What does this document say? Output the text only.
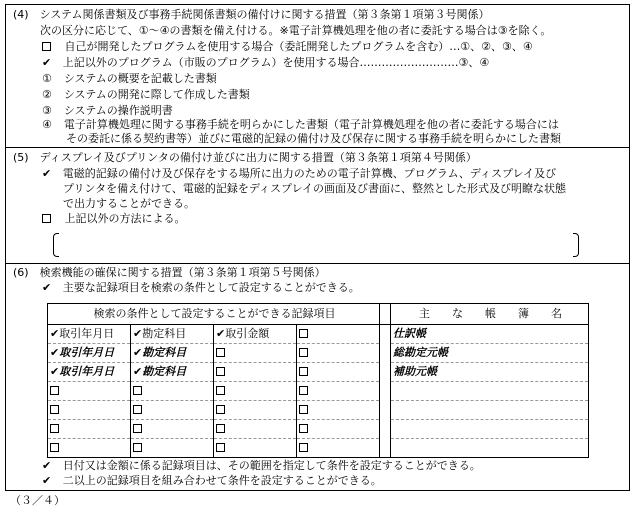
(4)　システム関係書類及び事務手続関係書類の備付けに関する措置（第３条第１項第３号関係）
次の区分に応じて、①～④の書類を備え付ける。※電子計算機処理を他の者に委託する場合は③を除く。
自己が開発したプログラムを使用する場合（委託開発したプログラムを含む）…①、②、③、④
✔ 上記以外のプログラム（市販のプログラム）を使用する場合………………………③、④
① システムの概要を記載した書類
② システムの開発に際して作成した書類
③ システムの操作説明書
④ 電子計算機処理に関する事務手続を明らかにした書類（電子計算機処理を他の者に委託する場合には
その委託に係る契約書等）並びに電磁的記録の備付け及び保存に関する事務手続を明らかにした書類
(5)　ディスプレイ及びプリンタの備付け並びに出力に関する措置（第３条第１項第４号関係）
✔ 電磁的記録の備付け及び保存をする場所に出力のための電子計算機、プログラム、ディスプレイ及び
プリンタを備え付けて、電磁的記録をディスプレイの画面及び書面に、整然とした形式及び明瞭な状態
で出力することができる。
上記以外の方法による。
(6)　検索機能の確保に関する措置（第３条第１項第５号関係）
✔ 主要な記録項目を検索の条件として設定することができる。
検索の条件として設定することができる記録項目					主　　な　　帳　　簿　　名
✔取引年月日	✔勘定科目	✔取引金額			仕訳帳
✔取引年月日	✔勘定科目				総勘定元帳
✔取引年月日	✔勘定科目				補助元帳

✔ 日付又は金額に係る記録項目は、その範囲を指定して条件を設定することができる。
✔ 二以上の記録項目を組み合わせて条件を設定することができる。
（３／４）
